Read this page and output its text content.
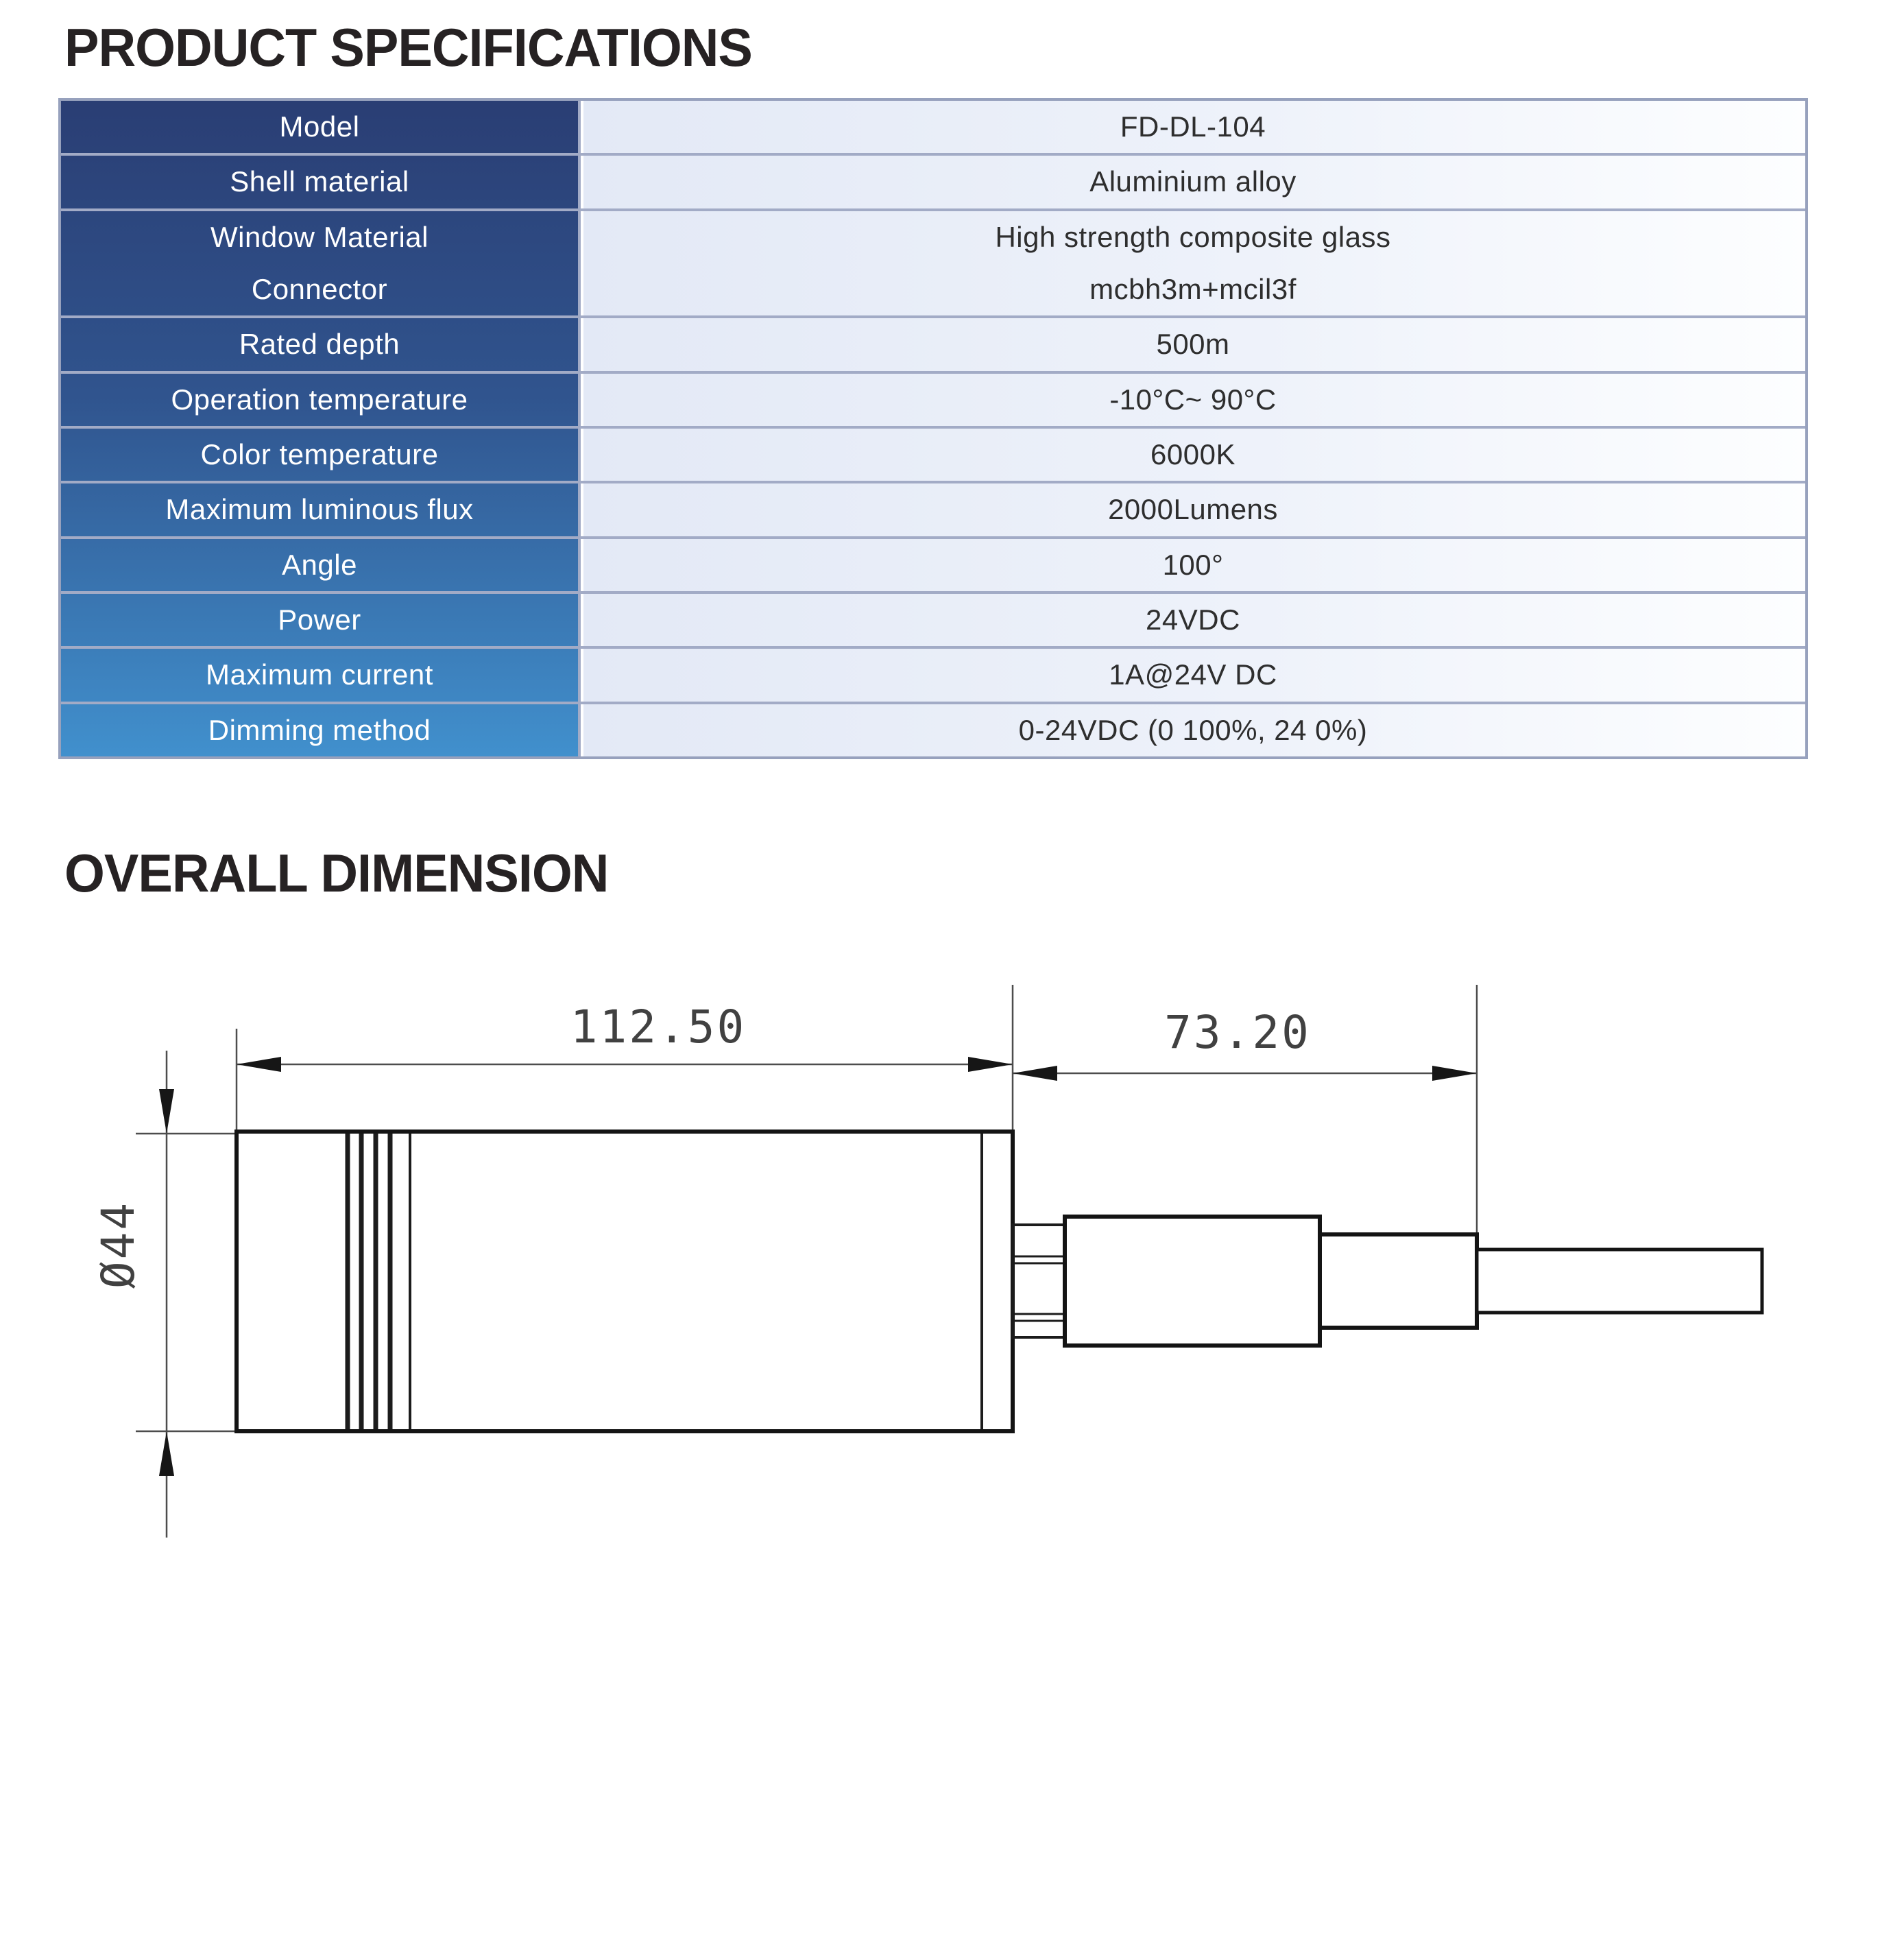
PRODUCT SPECIFICATIONS
Model	FD-DL-104
Shell material	Aluminium alloy
Window Material	High strength composite glass
Connector	mcbh3m+mcil3f
Rated depth	500m
Operation temperature	-10°C~ 90°C
Color temperature	6000K
Maximum luminous flux	2000Lumens
Angle	100°
Power	24VDC
Maximum current	1A@24V DC
Dimming method	0-24VDC (0 100%, 24 0%)
OVERALL DIMENSION
Ø44
112.50	73.20
